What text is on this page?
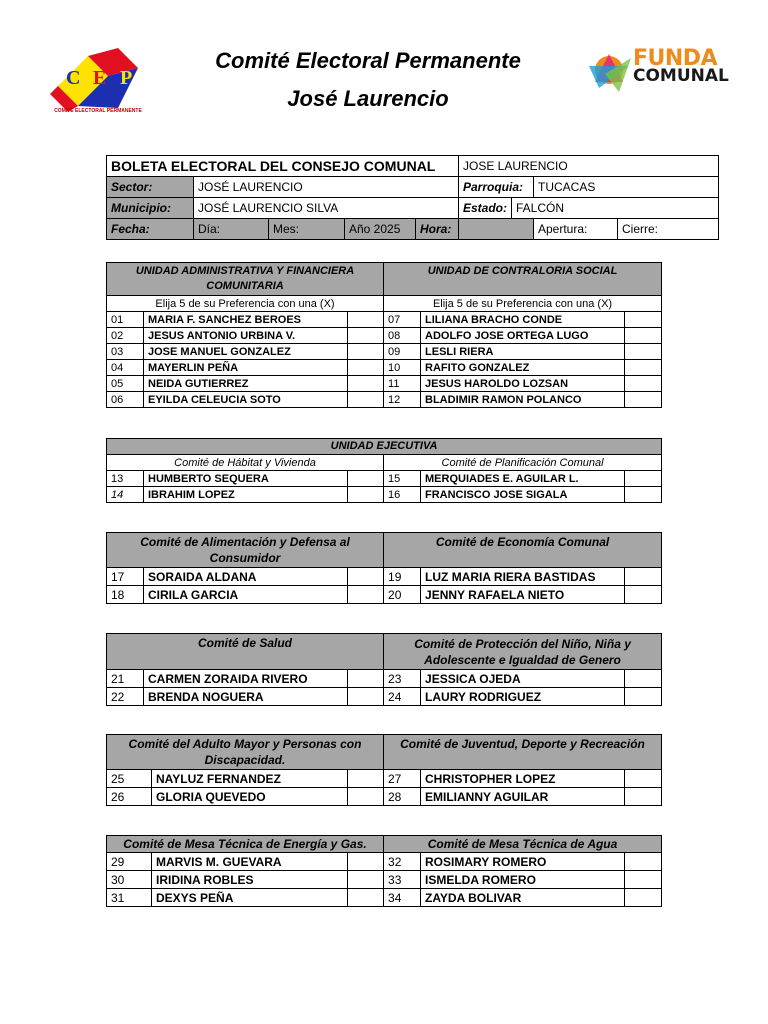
C E P
COMITÉ ELECTORAL PERMANENTE
Comité Electoral Permanente
José Laurencio
FUNDA
COMUNAL
BOLETA ELECTORAL DEL CONSEJO COMUNAL					JOSE LAURENCIO			
Sector:	JOSÉ LAURENCIO				Parroquia:		TUCACAS	
Municipio:	JOSÉ LAURENCIO SILVA				Estado:	FALCÓN		
Fecha:	Día:	Mes:	Año 2025	Hora:			Apertura:	Cierre:
UNIDAD ADMINISTRATIVA Y FINANCIERA COMUNITARIA			UNIDAD DE CONTRALORIA SOCIAL		
Elija 5 de su Preferencia con una (X)			Elija 5 de su Preferencia con una (X)		
01	MARIA F. SANCHEZ BEROES		07	LILIANA BRACHO CONDE	
02	JESUS ANTONIO URBINA V.		08	ADOLFO JOSE ORTEGA LUGO	
03	JOSE MANUEL GONZALEZ		09	LESLI RIERA	
04	MAYERLIN PEÑA		10	RAFITO GONZALEZ	
05	NEIDA GUTIERREZ		11	JESUS HAROLDO LOZSAN	
06	EYILDA CELEUCIA SOTO		12	BLADIMIR RAMON POLANCO	
UNIDAD EJECUTIVA					
Comité de Hábitat y Vivienda			Comité de Planificación Comunal		
13	HUMBERTO SEQUERA		15	MERQUIADES E. AGUILAR L.	
14	IBRAHIM LOPEZ		16	FRANCISCO JOSE SIGALA	
Comité de Alimentación y Defensa al Consumidor			Comité de Economía Comunal		
17	SORAIDA ALDANA		19	LUZ MARIA RIERA BASTIDAS	
18	CIRILA GARCIA		20	JENNY RAFAELA NIETO	
Comité de Salud			Comité de Protección del Niño, Niña y Adolescente e Igualdad de Genero		
21	CARMEN ZORAIDA RIVERO		23	JESSICA OJEDA	
22	BRENDA NOGUERA		24	LAURY RODRIGUEZ	
Comité del Adulto Mayor y Personas con Discapacidad.			Comité de Juventud, Deporte y Recreación		
25	NAYLUZ FERNANDEZ		27	CHRISTOPHER LOPEZ	
26	GLORIA QUEVEDO		28	EMILIANNY AGUILAR	
Comité de Mesa Técnica de Energía y Gas.			Comité de Mesa Técnica de Agua		
29	MARVIS M. GUEVARA		32	ROSIMARY ROMERO	
30	IRIDINA ROBLES		33	ISMELDA ROMERO	
31	DEXYS PEÑA		34	ZAYDA BOLIVAR	
